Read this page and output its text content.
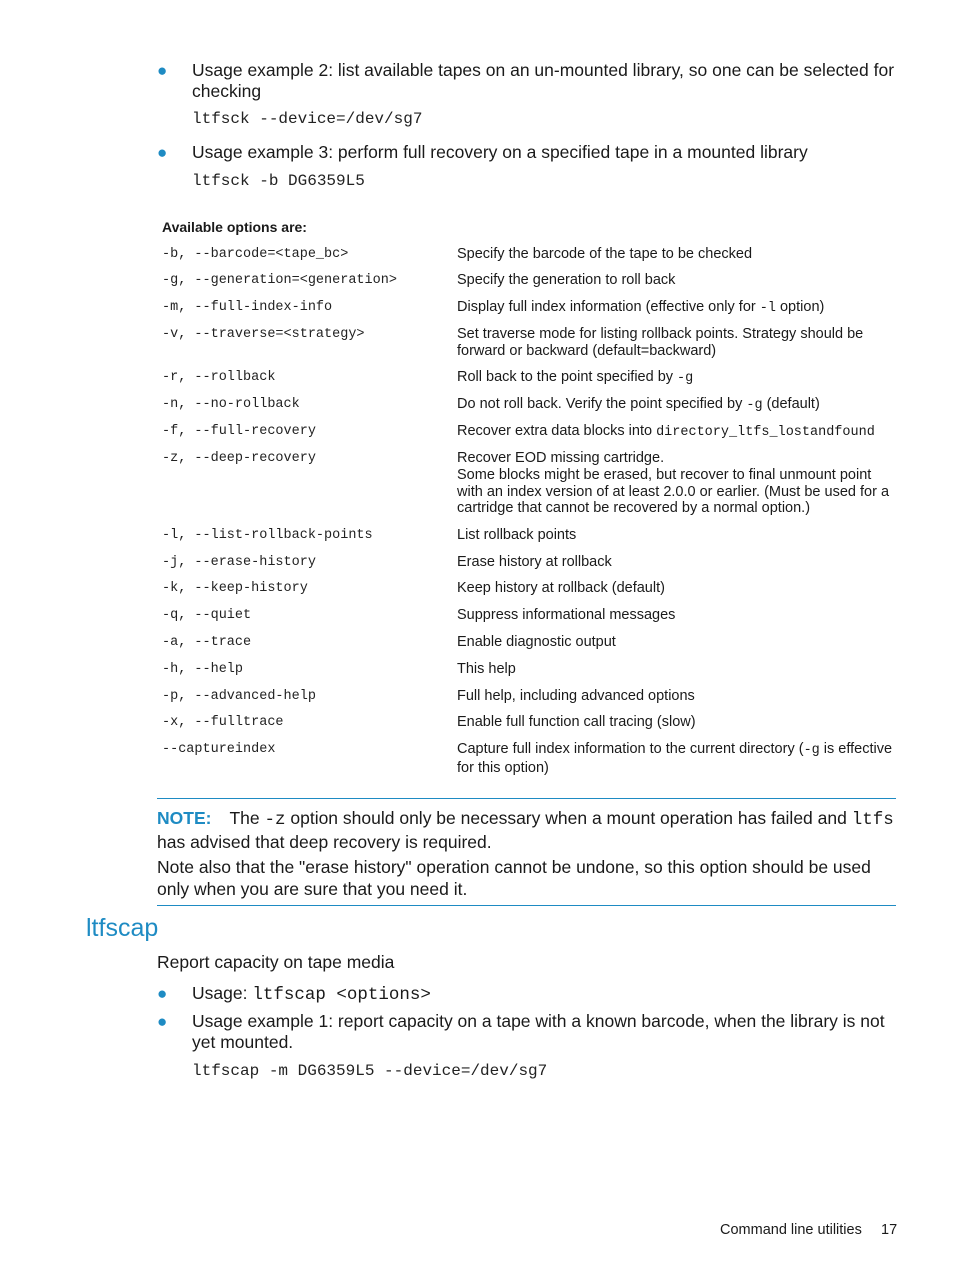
● Usage example 2: list available tapes on an un-mounted library, so one can be selected for checking
ltfsck --device=/dev/sg7
● Usage example 3: perform full recovery on a specified tape in a mounted library
ltfsck -b DG6359L5
Available options are:
-b, --barcode=<tape_bc>	Specify the barcode of the tape to be checked
-g, --generation=<generation>	Specify the generation to roll back
-m, --full-index-info	Display full index information (effective only for -l option)
-v, --traverse=<strategy>	Set traverse mode for listing rollback points. Strategy should be forward or backward (default=backward)
-r, --rollback	Roll back to the point specified by -g
-n, --no-rollback	Do not roll back. Verify the point specified by -g (default)
-f, --full-recovery	Recover extra data blocks into directory_ltfs_lostandfound
-z, --deep-recovery	Recover EOD missing cartridge.
Some blocks might be erased, but recover to final unmount point with an index version of at least 2.0.0 or earlier. (Must be used for a cartridge that cannot be recovered by a normal option.)
-l, --list-rollback-points	List rollback points
-j, --erase-history	Erase history at rollback
-k, --keep-history	Keep history at rollback (default)
-q, --quiet	Suppress informational messages
-a, --trace	Enable diagnostic output
-h, --help	This help
-p, --advanced-help	Full help, including advanced options
-x, --fulltrace	Enable full function call tracing (slow)
--captureindex	Capture full index information to the current directory (-g is effective for this option)
NOTE: The -z option should only be necessary when a mount operation has failed and ltfs has advised that deep recovery is required.
Note also that the "erase history" operation cannot be undone, so this option should be used only when you are sure that you need it.
ltfscap
Report capacity on tape media
● Usage: ltfscap <options>
● Usage example 1: report capacity on a tape with a known barcode, when the library is not yet mounted.
ltfscap -m DG6359L5 --device=/dev/sg7
Command line utilities 17
